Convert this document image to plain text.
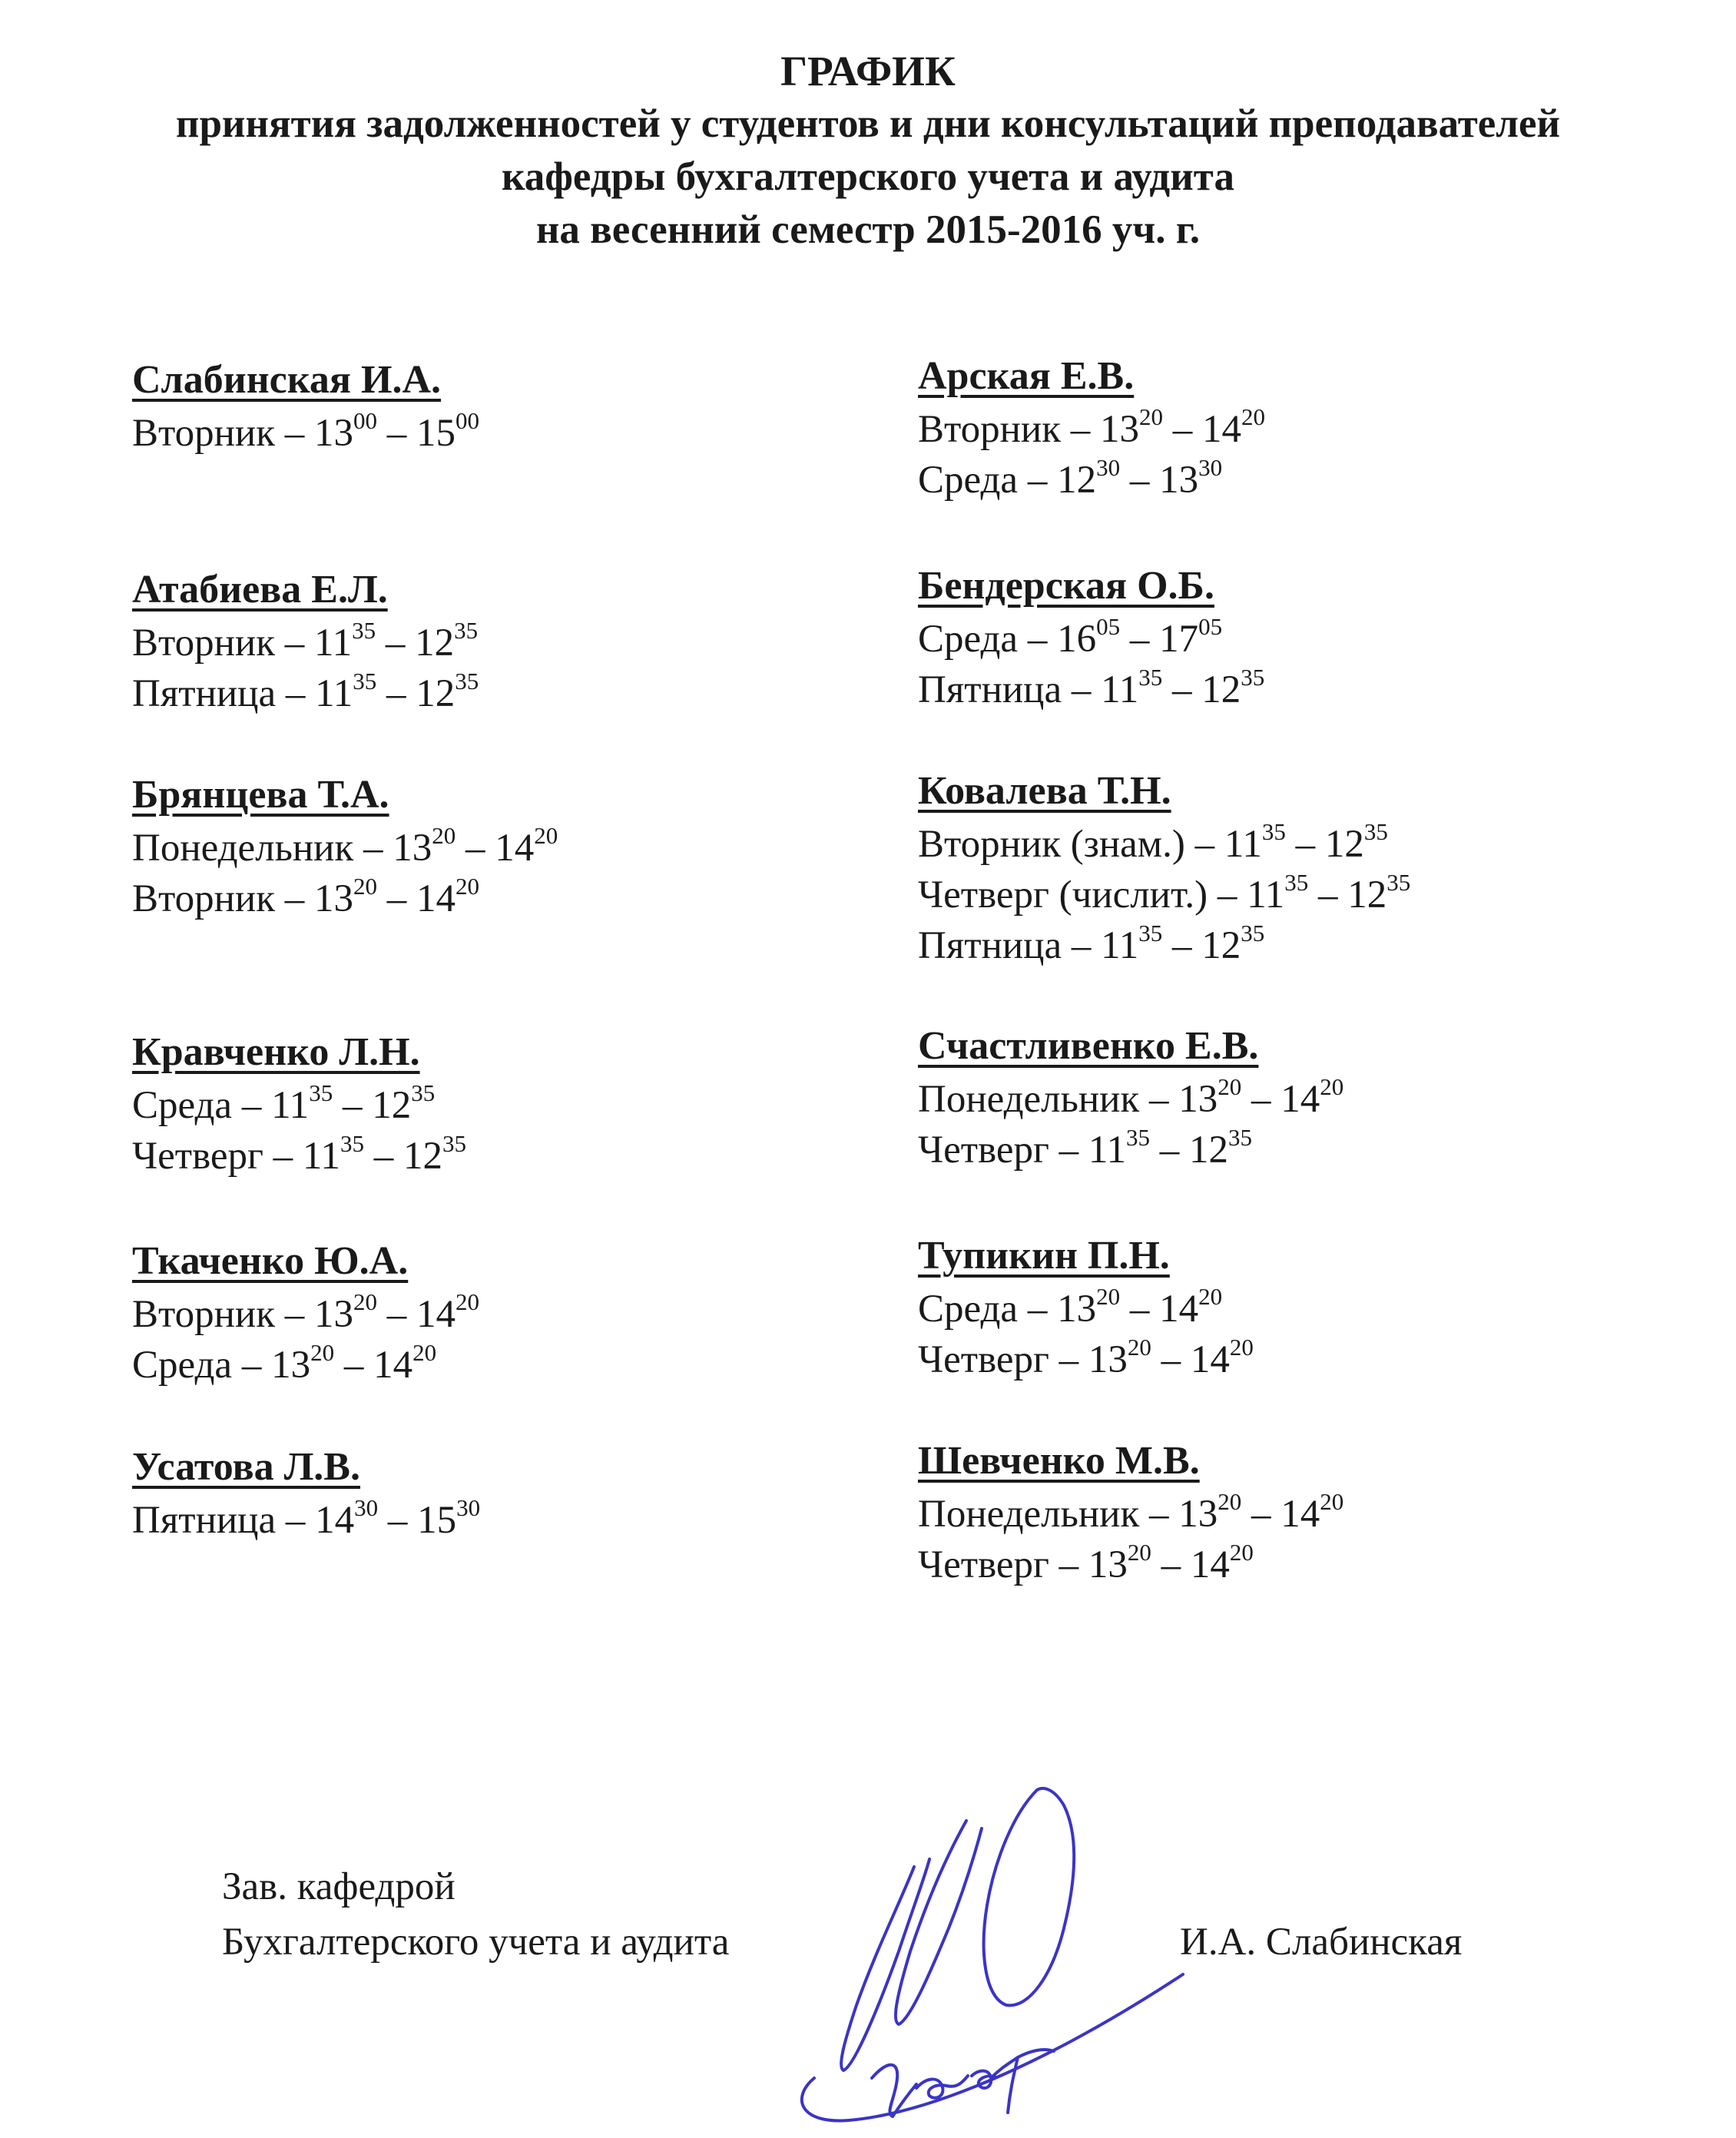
ГРАФИК
принятия задолженностей у студентов и дни консультаций преподавателей
кафедры бухгалтерского учета и аудита
на весенний семестр 2015-2016 уч. г.
Слабинская И.А.
Вторник – $13^{00} - 15^{00}$
Атабиева Е.Л.
Вторник – $11^{35} - 12^{35}$
Пятница – $11^{35} - 12^{35}$
Брянцева Т.А.
Понедельник – $13^{20} - 14^{20}$
Вторник – $13^{20} - 14^{20}$
Кравченко Л.Н.
Среда – $11^{35} - 12^{35}$
Четверг – $11^{35} - 12^{35}$
Ткаченко Ю.А.
Вторник – $13^{20} - 14^{20}$
Среда – $13^{20} - 14^{20}$
Усатова Л.В.
Пятница – $14^{30} - 15^{30}$
Арская Е.В.
Вторник – $13^{20} - 14^{20}$
Среда – $12^{30} - 13^{30}$
Бендерская О.Б.
Среда – $16^{05} - 17^{05}$
Пятница – $11^{35} - 12^{35}$
Ковалева Т.Н.
Вторник (знам.) – $11^{35} - 12^{35}$
Четверг (числит.) – $11^{35} - 12^{35}$
Пятница – $11^{35} - 12^{35}$
Счастливенко Е.В.
Понедельник – $13^{20} - 14^{20}$
Четверг – $11^{35} - 12^{35}$
Тупикин П.Н.
Среда – $13^{20} - 14^{20}$
Четверг – $13^{20} - 14^{20}$
Шевченко М.В.
Понедельник – $13^{20} - 14^{20}$
Четверг – $13^{20} - 14^{20}$
Зав. кафедрой
Бухгалтерского учета и аудита	И.А. Слабинская
